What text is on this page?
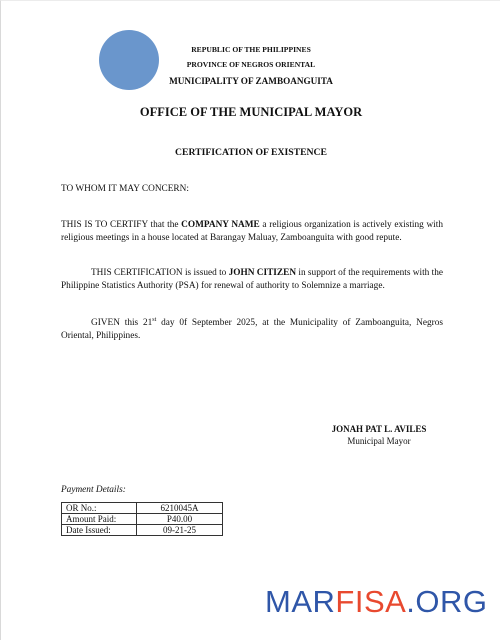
REPUBLIC OF THE PHILIPPINES
PROVINCE OF NEGROS ORIENTAL
MUNICIPALITY OF ZAMBOANGUITA
OFFICE OF THE MUNICIPAL MAYOR
CERTIFICATION OF EXISTENCE
TO WHOM IT MAY CONCERN:
THIS IS TO CERTIFY that the COMPANY NAME a religious organization is actively existing with religious meetings in a house located at Barangay Maluay, Zamboanguita with good repute.
THIS CERTIFICATION is issued to JOHN CITIZEN in support of the requirements with the Philippine Statistics Authority (PSA) for renewal of authority to Solemnize a marriage.
GIVEN this 21st day 0f September 2025, at the Municipality of Zamboanguita, Negros Oriental, Philippines.
JONAH PAT L. AVILES
Municipal Mayor
Payment Details:
OR No.:	6210045A
Amount Paid:	P40.00
Date Issued:	09-21-25
MARFISA.ORG
